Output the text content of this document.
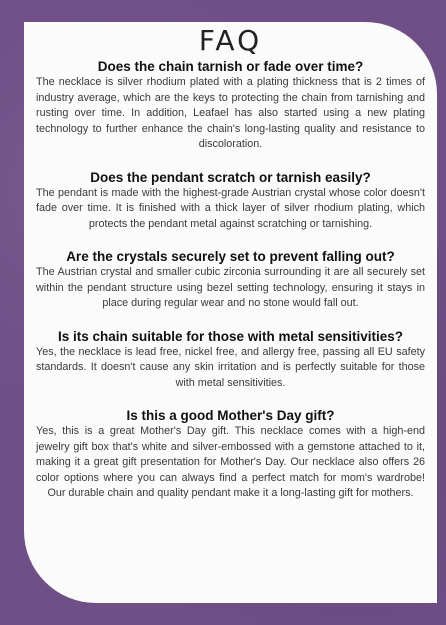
FAQ

Does the chain tarnish or fade over time?

The necklace is silver rhodium plated with a plating thickness that is 2 times of industry average, which are the keys to protecting the chain from tarnishing and rusting over time. In addition, Leafael has also started using a new plating technology to further enhance the chain's long-lasting quality and resistance to discoloration.

Does the pendant scratch or tarnish easily?

The pendant is made with the highest-grade Austrian crystal whose color doesn't fade over time. It is finished with a thick layer of silver rhodium plating, which protects the pendant metal against scratching or tarnishing.

Are the crystals securely set to prevent falling out?

The Austrian crystal and smaller cubic zirconia surrounding it are all securely set within the pendant structure using bezel setting technology, ensuring it stays in place during regular wear and no stone would fall out.

Is its chain suitable for those with metal sensitivities?

Yes, the necklace is lead free, nickel free, and allergy free, passing all EU safety standards. It doesn't cause any skin irritation and is perfectly suitable for those with metal sensitivities.

Is this a good Mother's Day gift?

Yes, this is a great Mother's Day gift. This necklace comes with a high-end jewelry gift box that's white and silver-embossed with a gemstone attached to it, making it a great gift presentation for Mother's Day. Our necklace also offers 26 color options where you can always find a perfect match for mom's wardrobe! Our durable chain and quality pendant make it a long-lasting gift for mothers.
